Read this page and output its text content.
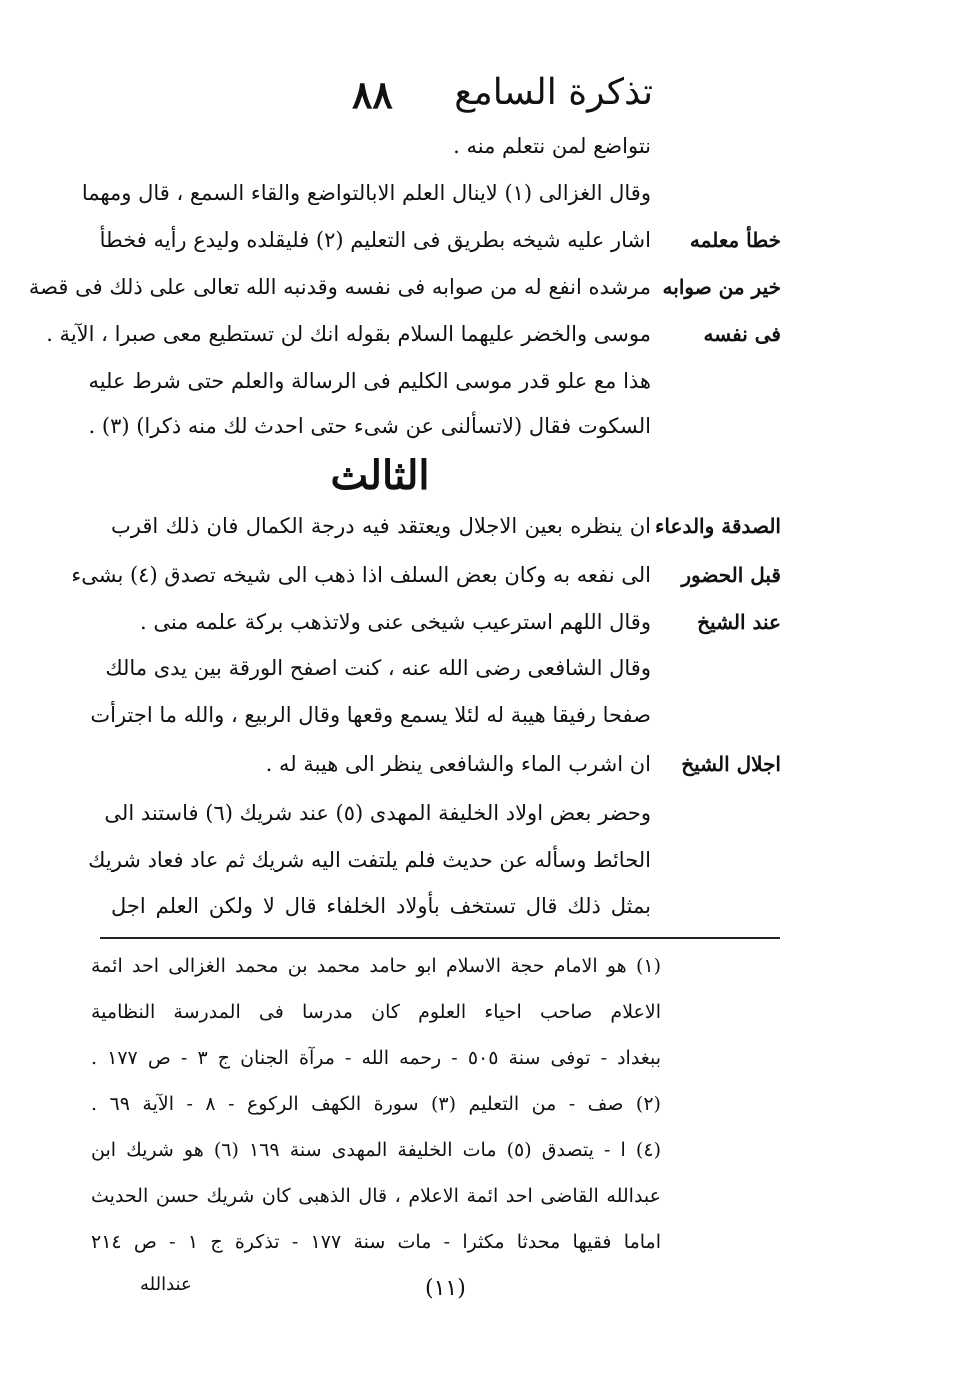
تذكرة السامع
٨٨
نتواضع لمن نتعلم منه .
وقال الغزالى (١) لاينال العلم الابالتواضع والقاء السمع ، قال ومهما
اشار عليه شيخه بطريق فى التعليم (٢) فليقلده وليدع رأيه فخطأ
مرشده انفع له من صوابه فى نفسه وقدنبه الله تعالى على ذلك فى قصة
موسى والخضر عليهما السلام بقوله انك لن تستطيع معى صبرا ، الآية .
هذا مع علو قدر موسى الكليم فى الرسالة والعلم حتى شرط عليه
السكوت فقال (لاتسألنى عن شىء حتى احدث لك منه ذكرا) (٣) .
الثالث
ان ينظره بعين الاجلال ويعتقد فيه درجة الكمال فان ذلك اقرب
الى نفعه به وكان بعض السلف اذا ذهب الى شيخه تصدق (٤) بشىء
وقال اللهم استرعيب شيخى عنى ولاتذهب بركة علمه منى .
وقال الشافعى رضى الله عنه ، كنت اصفح الورقة بين يدى مالك
صفحا رفيقا هيبة له لئلا يسمع وقعها وقال الربيع ، والله ما اجترأت
ان اشرب الماء والشافعى ينظر الى هيبة له .
وحضر بعض اولاد الخليفة المهدى (٥) عند شريك (٦) فاستند الى
الحائط وسأله عن حديث فلم يلتفت اليه شريك ثم عاد فعاد شريك
بمثل ذلك قال تستخف بأولاد الخلفاء قال لا ولكن العلم اجل
خطأ معلمه
خير من صوابه
فى نفسه
الصدقة والدعاء
قبل الحضور
عند الشيخ
اجلال الشيخ
(١) هو الامام حجة الاسلام ابو حامد محمد بن محمد الغزالى احد ائمة
الاعلام صاحب احياء العلوم كان مدرسا فى المدرسة النظامية
ببغداد - توفى سنة ٥٠٥ - رحمه الله - مرآة الجنان ج ٣ - ص ١٧٧ .
(٢) صف - من التعليم (٣) سورة الكهف الركوع - ٨ - الآية ٦٩ .
(٤) ا - يتصدق (٥) مات الخليفة المهدى سنة ١٦٩ (٦) هو شريك ابن
عبدالله القاضى احد ائمة الاعلام ، قال الذهبى كان شريك حسن الحديث
اماما فقيها محدثا مكثرا - مات سنة ١٧٧ - تذكرة ج ١ - ص ٢١٤
(١١)
عندالله
